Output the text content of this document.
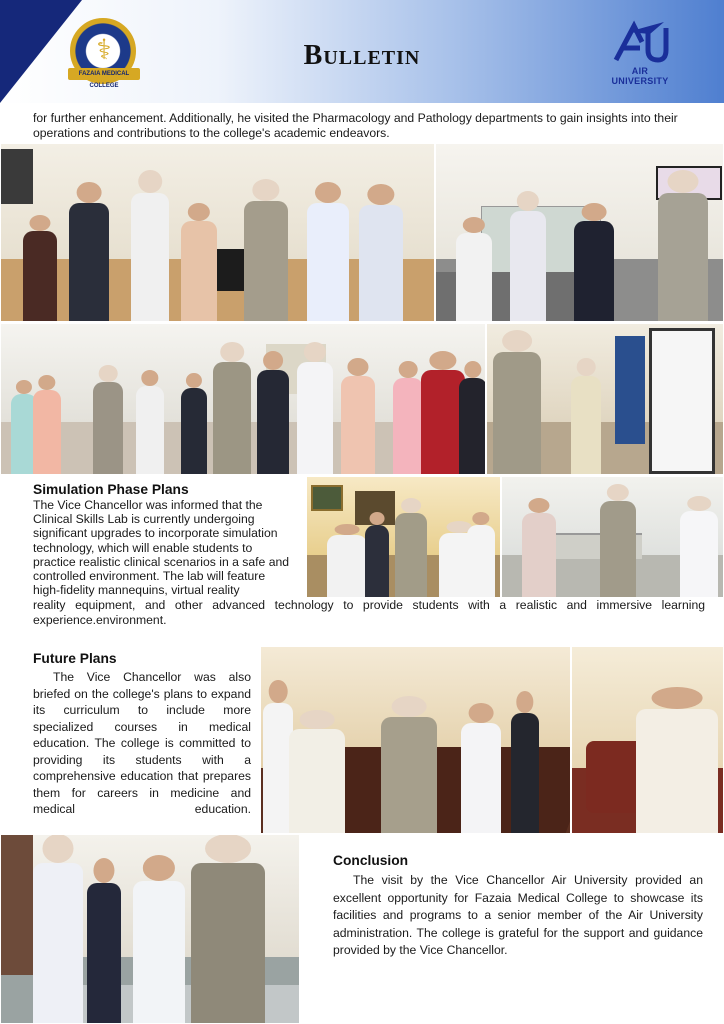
⚕
FAZAIA MEDICAL COLLEGE
Bulletin	AIR UNIVERSITY
for further enhancement. Additionally, he visited the Pharmacology and Pathology departments to gain insights into their operations and contributions to the college's academic endeavors.
Simulation Phase Plans
The Vice Chancellor was informed that the
Clinical Skills Lab is currently undergoing
significant upgrades to incorporate simulation
technology, which will enable students to
practice realistic clinical scenarios in a safe and
controlled environment. The lab will feature
high-fidelity mannequins, virtual reality
reality equipment, and other advanced technology to provide students with a realistic and immersive learning experience.environment.
Future Plans
The Vice Chancellor was also briefed on the college's plans to expand its curriculum to include more specialized courses in medical education. The college is committed to providing its students with a comprehensive education that prepares them for careers in medicine and medical education.
Conclusion
The visit by the Vice Chancellor Air University provided an excellent opportunity for Fazaia Medical College to showcase its facilities and programs to a senior member of the Air University administration. The college is grateful for the support and guidance provided by the Vice Chancellor.
